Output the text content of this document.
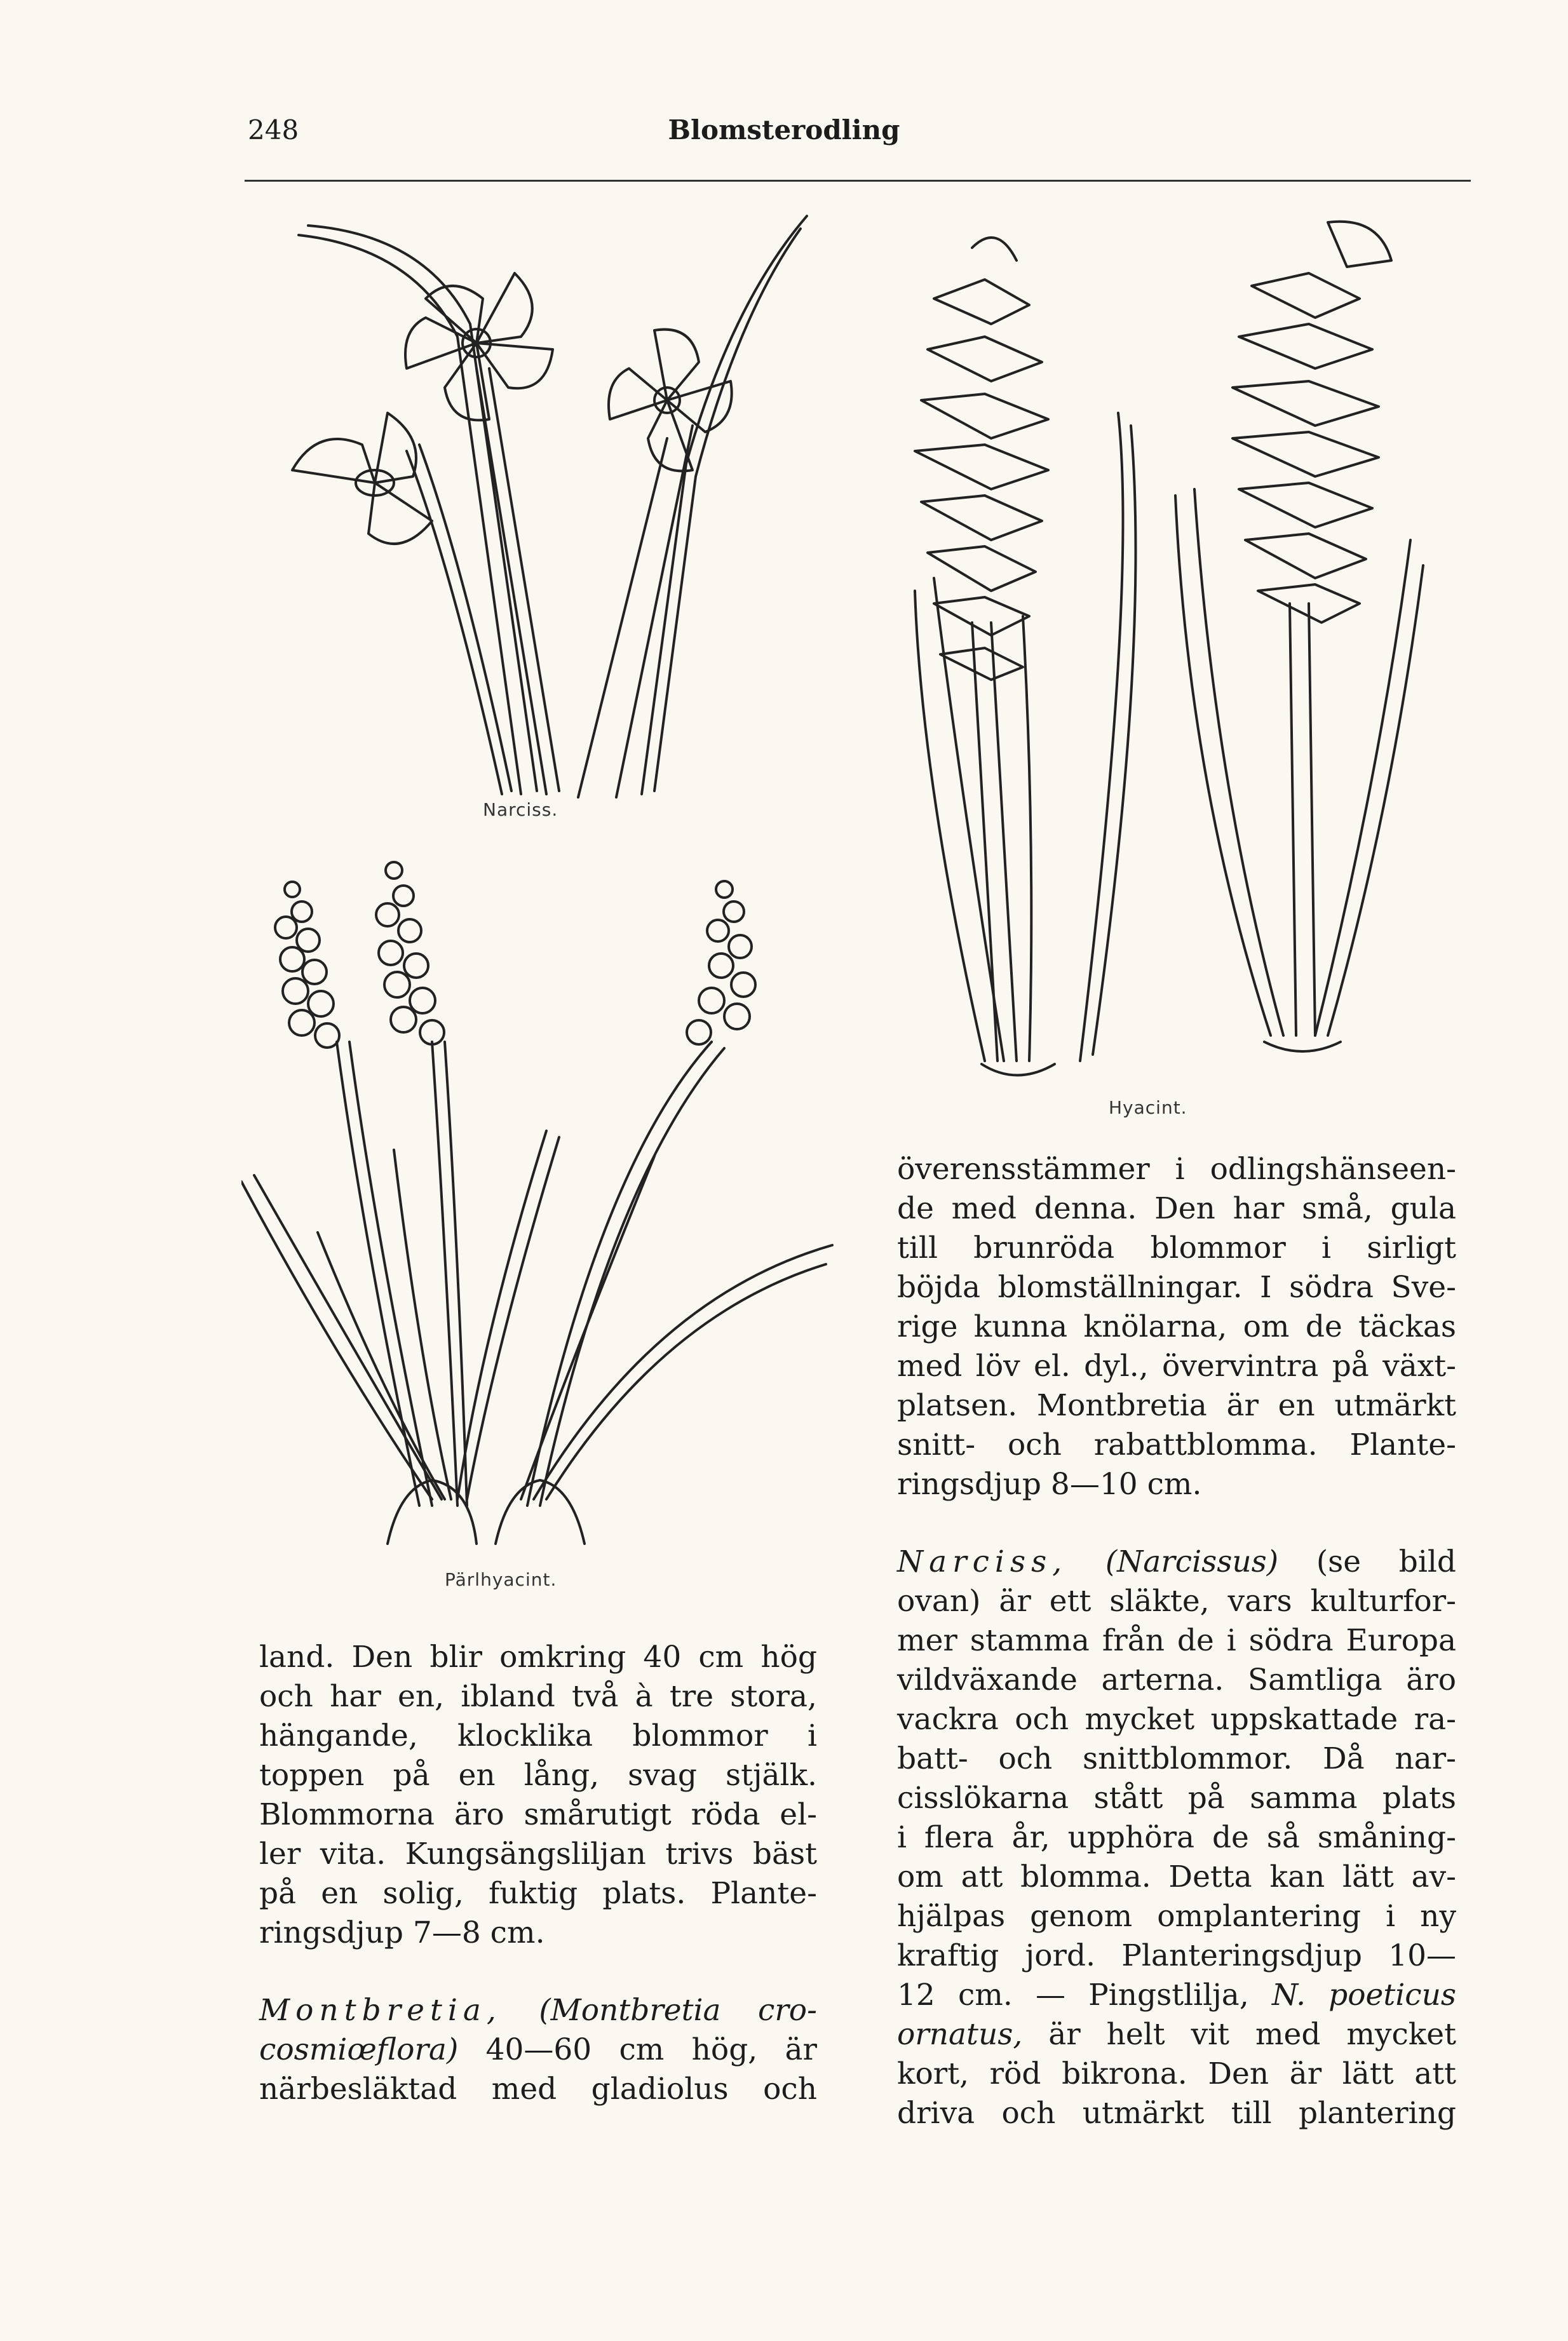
248	Blomsterodling
Narciss.
Hyacint.
Pärlhyacint.
land. Den blir omkring 40 cm hög
och har en, ibland två à tre stora,
hängande, klocklika blommor i
toppen på en lång, svag stjälk.
Blommorna äro smårutigt röda el-
ler vita. Kungsängsliljan trivs bäst
på en solig, fuktig plats. Plante-
ringsdjup 7—8 cm.
Montbretia, (Montbretia cro-
cosmiœflora) 40—60 cm hög, är
närbesläktad med gladiolus och
överensstämmer i odlingshänseen-
de med denna. Den har små, gula
till brunröda blommor i sirligt
böjda blomställningar. I södra Sve-
rige kunna knölarna, om de täckas
med löv el. dyl., övervintra på växt-
platsen. Montbretia är en utmärkt
snitt- och rabattblomma. Plante-
ringsdjup 8—10 cm.
Narciss, (Narcissus) (se bild
ovan) är ett släkte, vars kulturfor-
mer stamma från de i södra Europa
vildväxande arterna. Samtliga äro
vackra och mycket uppskattade ra-
batt- och snittblommor. Då nar-
cisslökarna stått på samma plats
i flera år, upphöra de så småning-
om att blomma. Detta kan lätt av-
hjälpas genom omplantering i ny
kraftig jord. Planteringsdjup 10—
12 cm. — Pingstlilja, N. poeticus
ornatus, är helt vit med mycket
kort, röd bikrona. Den är lätt att
driva och utmärkt till plantering
